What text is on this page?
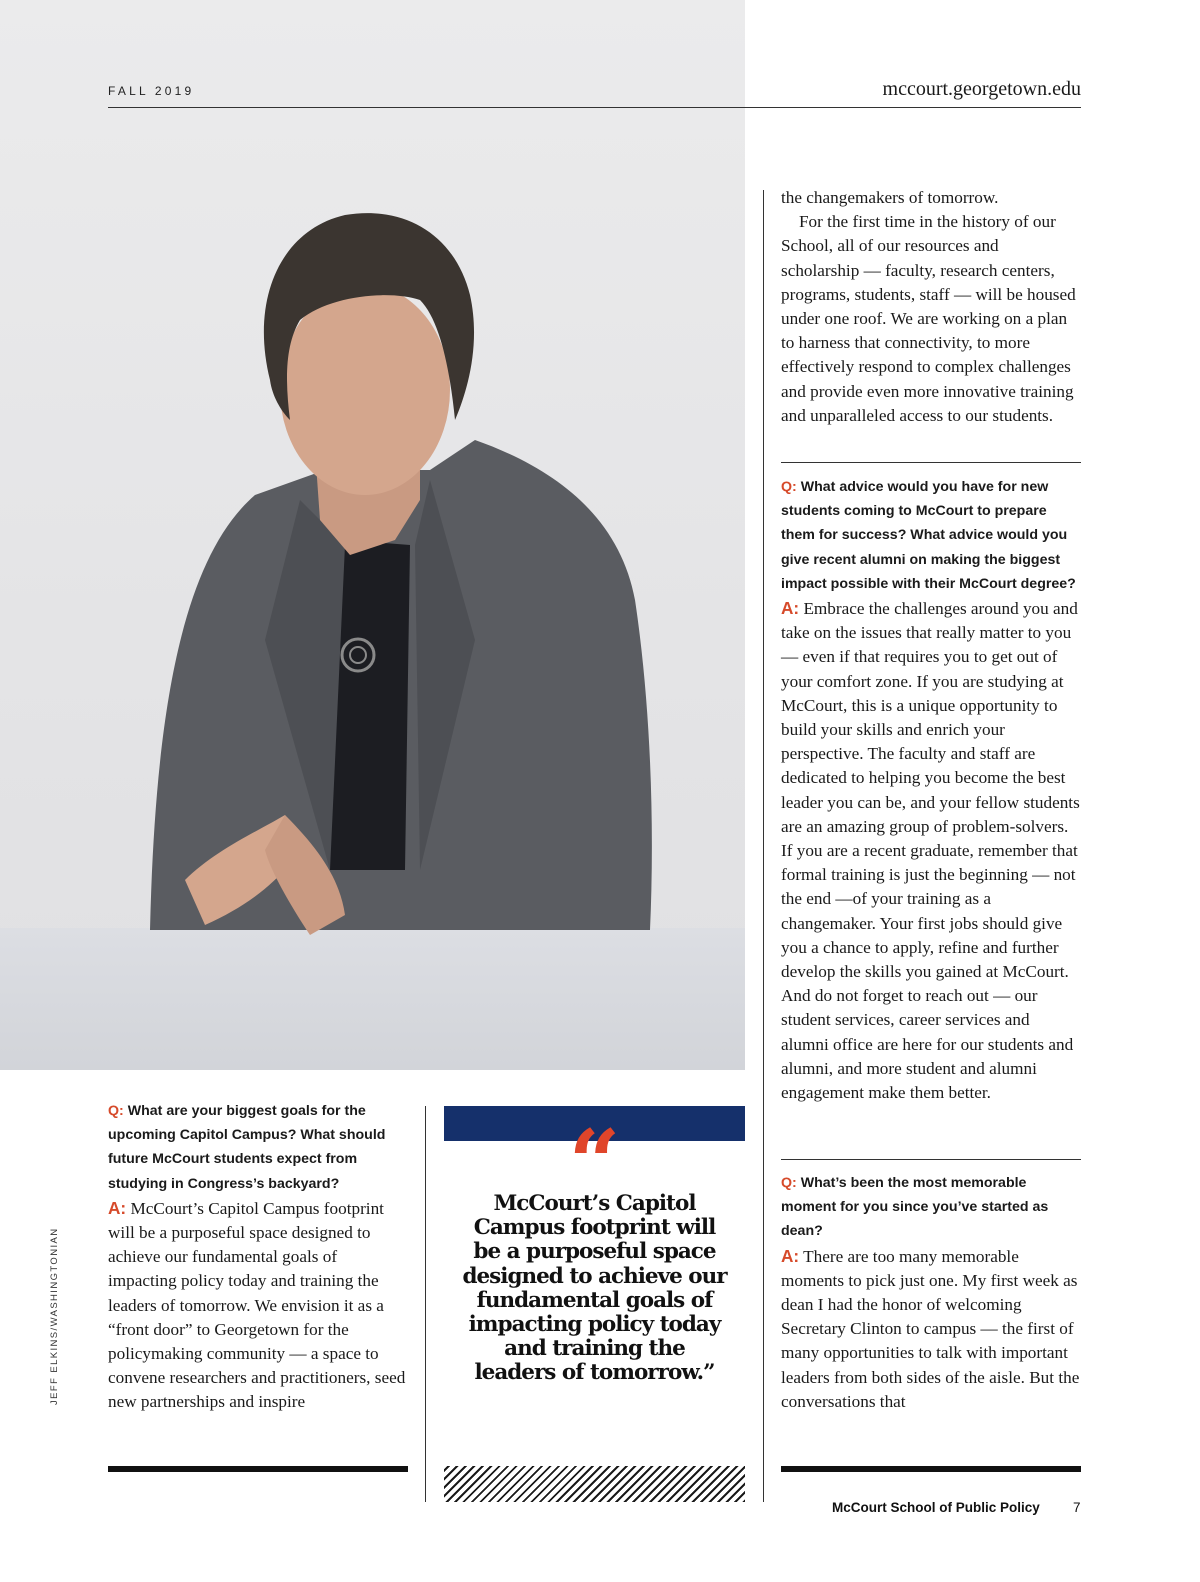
FALL 2019	mccourt.georgetown.edu
JEFF ELKINS/WASHINGTONIAN

Q: What are your biggest goals for the upcoming Capitol Campus? What should future McCourt students expect from studying in Congress’s backyard?

A: McCourt’s Capitol Campus footprint will be a purposeful space designed to achieve our fundamental goals of impacting policy today and training the leaders of tomorrow. We envision it as a “front door” to Georgetown for the policymaking community — a space to convene researchers and practitioners, seed new partnerships and inspire

“
McCourt’s Capitol Campus footprint will be a purposeful space designed to achieve our fundamental goals of impacting policy today and training the leaders of tomorrow.”

the changemakers of tomorrow.

For the first time in the history of our School, all of our resources and scholarship — faculty, research centers, programs, students, staff — will be housed under one roof. We are working on a plan to harness that connectivity, to more effectively respond to complex challenges and provide even more innovative training and unparalleled access to our students.

Q: What advice would you have for new students coming to McCourt to prepare them for success? What advice would you give recent alumni on making the biggest impact possible with their McCourt degree?

A: Embrace the challenges around you and take on the issues that really matter to you — even if that requires you to get out of your comfort zone. If you are studying at McCourt, this is a unique opportunity to build your skills and enrich your perspective. The faculty and staff are dedicated to helping you become the best leader you can be, and your fellow students are an amazing group of problem-solvers. If you are a recent graduate, remember that formal training is just the beginning — not the end —of your training as a changemaker. Your first jobs should give you a chance to apply, refine and further develop the skills you gained at McCourt. And do not forget to reach out — our student services, career services and alumni office are here for our students and alumni, and more student and alumni engagement make them better.

Q: What’s been the most memorable moment for you since you’ve started as dean?

A: There are too many memorable moments to pick just one. My first week as dean I had the honor of welcoming Secretary Clinton to campus — the first of many opportunities to talk with important leaders from both sides of the aisle. But the conversations that

McCourt School of Public Policy 7
